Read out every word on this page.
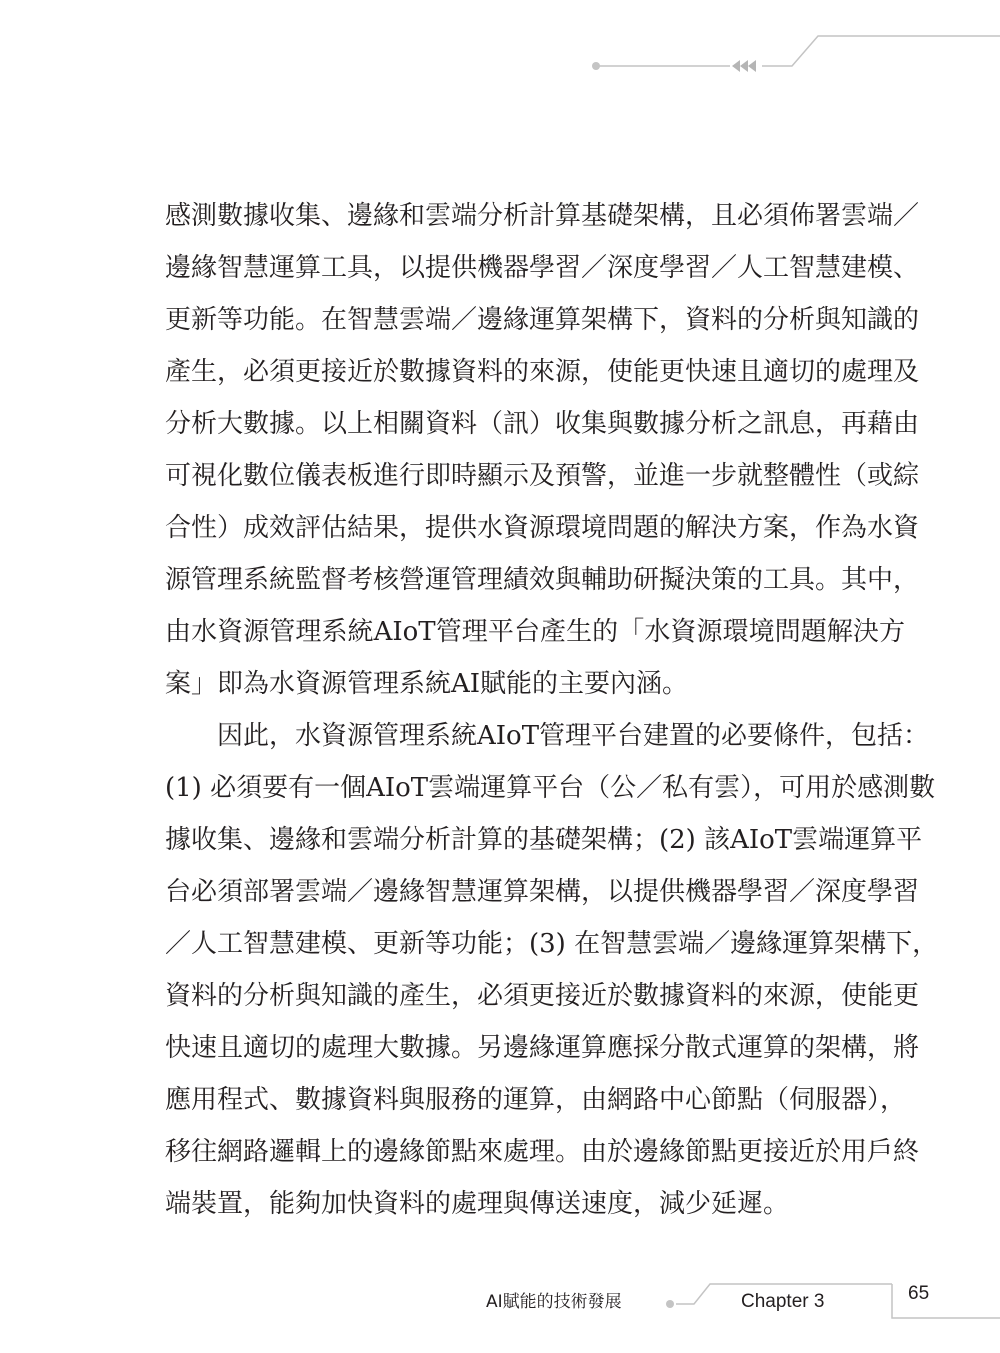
感測數據收集、邊緣和雲端分析計算基礎架構，且必須佈署雲端／
邊緣智慧運算工具，以提供機器學習／深度學習／人工智慧建模、
更新等功能。在智慧雲端／邊緣運算架構下，資料的分析與知識的
產生，必須更接近於數據資料的來源，使能更快速且適切的處理及
分析大數據。以上相關資料（訊）收集與數據分析之訊息，再藉由
可視化數位儀表板進行即時顯示及預警，並進一步就整體性（或綜
合性）成效評估結果，提供水資源環境問題的解決方案，作為水資
源管理系統監督考核營運管理績效與輔助研擬決策的工具。其中，
由水資源管理系統AIoT管理平台產生的「水資源環境問題解決方
案」即為水資源管理系統AI賦能的主要內涵。
　　因此，水資源管理系統AIoT管理平台建置的必要條件，包括：
(1) 必須要有一個AIoT雲端運算平台（公／私有雲），可用於感測數
據收集、邊緣和雲端分析計算的基礎架構；(2) 該AIoT雲端運算平
台必須部署雲端／邊緣智慧運算架構，以提供機器學習／深度學習
／人工智慧建模、更新等功能；(3) 在智慧雲端／邊緣運算架構下，
資料的分析與知識的產生，必須更接近於數據資料的來源，使能更
快速且適切的處理大數據。另邊緣運算應採分散式運算的架構，將
應用程式、數據資料與服務的運算，由網路中心節點（伺服器），
移往網路邏輯上的邊緣節點來處理。由於邊緣節點更接近於用戶終
端裝置，能夠加快資料的處理與傳送速度，減少延遲。
AI賦能的技術發展	Chapter 3	65
